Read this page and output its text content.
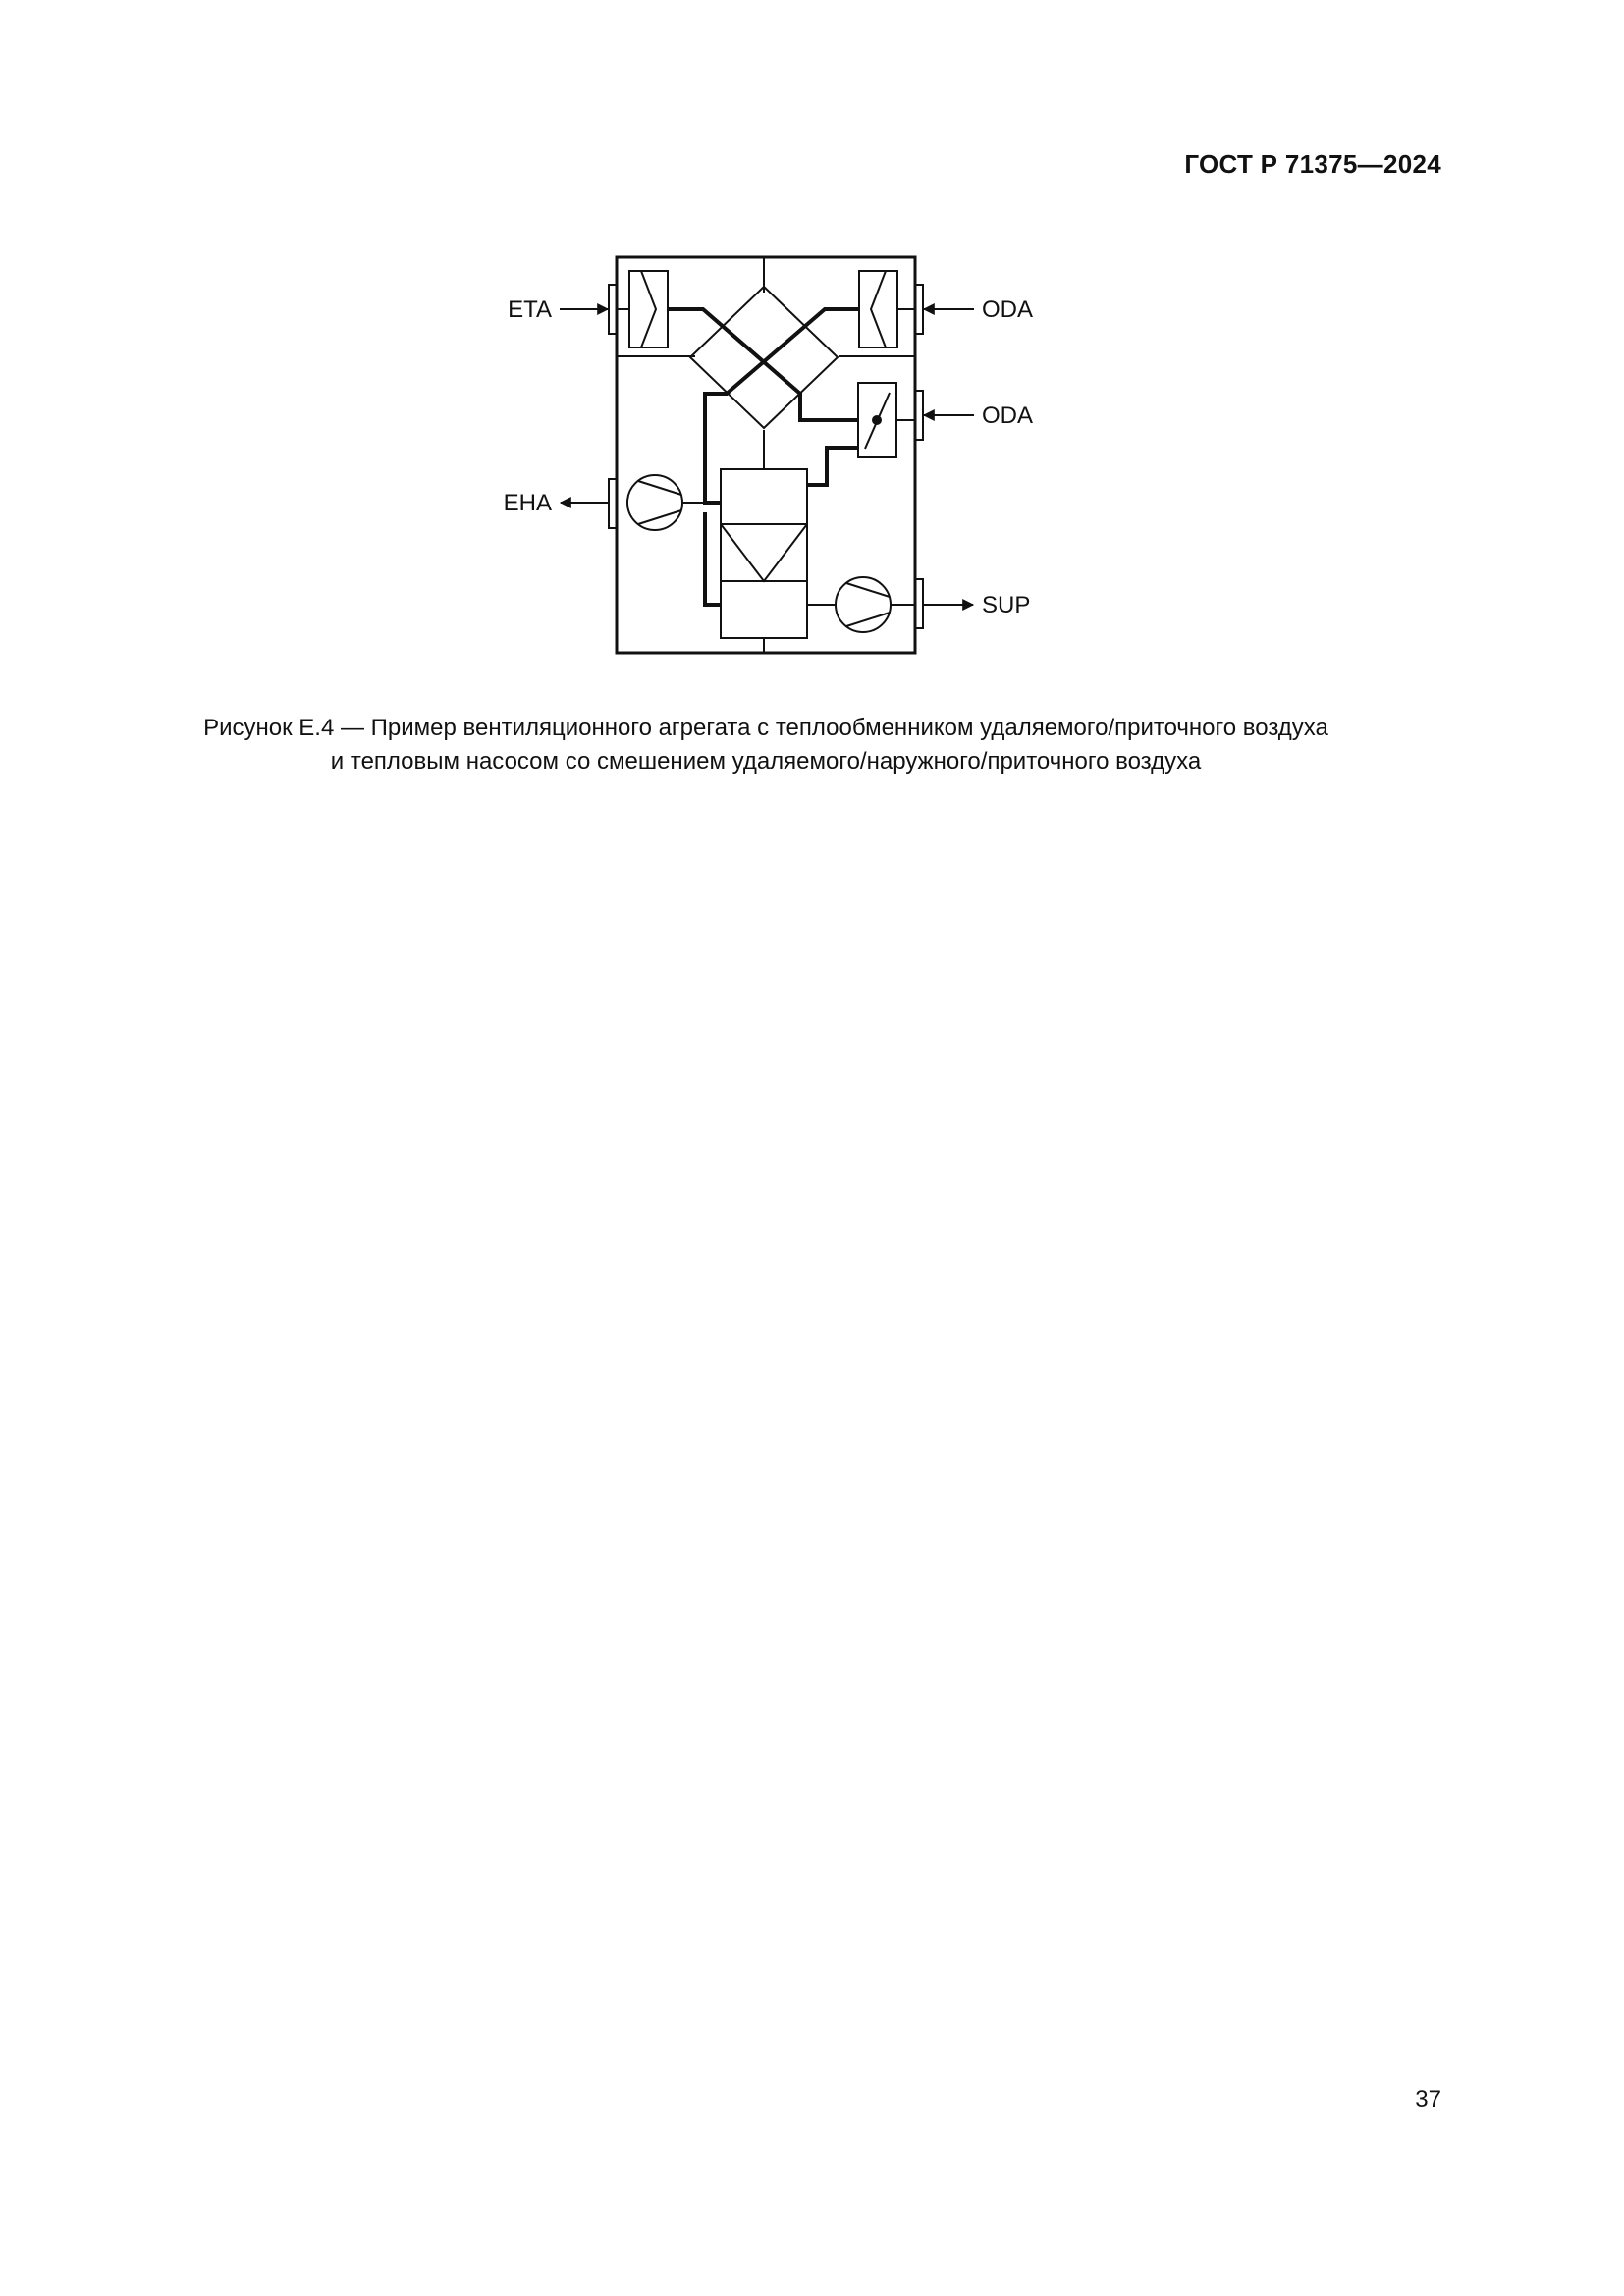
ГОСТ Р 71375—2024
ETA	ODA
ODA
EHA
SUP
Рисунок Е.4 — Пример вентиляционного агрегата с теплообменником удаляемого/приточного воздуха
и тепловым насосом со смешением удаляемого/наружного/приточного воздуха
37
